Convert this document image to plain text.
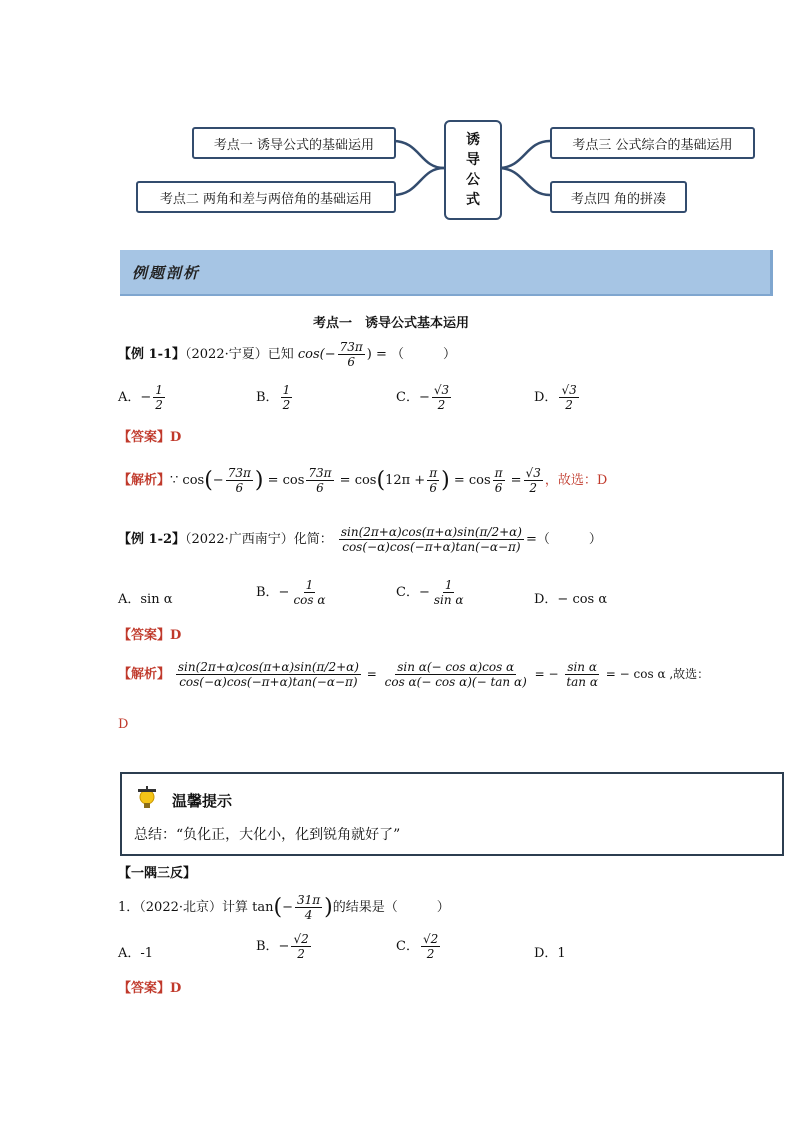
考点一 诱导公式的基础运用
考点二 两角和差与两倍角的基础运用
考点三 公式综合的基础运用
考点四 角的拼凑
诱
导
公
式
例题剖析
考点一　诱导公式基本运用
【例 1-1】（2022·宁夏）已知 $\cos(- \frac{73\pi}{6}$ ) = （　　　）
A．− $\frac{1}{2}$	B． $\frac{1}{2}$	C．− $\frac{√3}{2}$	D． $\frac{√3}{2}$
【答案】D
【解析】∵ $\cos(- \frac{73\pi}{6}$ ) = $\cos \frac{73\pi}{6} = \cos(12\pi + \frac{\pi}{6}$ ) = $\cos \frac{\pi}{6} = \frac{√3}{2}$ ，故选：D
【例 1-2】（2022·广西南宁）化简： $\frac{\sin(2\pi+\alpha)\cos(\pi+\alpha)\sin(\pi/2+\alpha)}{\cos(-\alpha)\cos(-\pi+\alpha)\tan(-\alpha-\pi)}$ =（　　　）
A．sin α	B．− $\frac{1}{\text{cos α}}$	C．− $\frac{1}{\text{sin α}}$	D．− cos α
【答案】D
【解析】 $\frac{\sin(2\pi+\alpha)\cos(\pi+\alpha)\sin(\pi/2+\alpha)}{\cos(-\alpha)\cos(-\pi+\alpha)\tan(-\alpha-\pi)} = \frac{\text{sin α(− cos α)cos α}}{\text{cos α(− cos α)(− tan α)}}$ = − $\frac{\text{sin α}}{\text{tan α}}$ = − cos α ,故选：
D
温馨提示
总结：“负化正，大化小，化到锐角就好了”
【一隅三反】
1．（2022·北京）计算 $\tan(- \frac{31\pi}{4}$ )的结果是（　　　）
A．-1	B．− $\frac{√2}{2}$	C． $\frac{√2}{2}$	D．1
【答案】D
